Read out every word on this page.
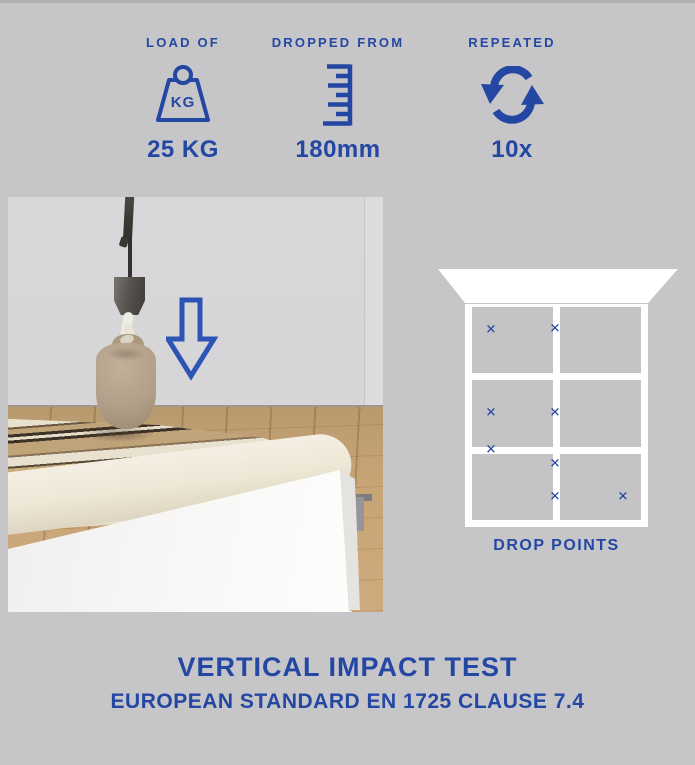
LOAD OF
KG
25 KG
DROPPED FROM
180mm
REPEATED
10x
✕	✕
✕	✕
✕
✕
✕	✕
DROP POINTS
VERTICAL IMPACT TEST
EUROPEAN STANDARD EN 1725 CLAUSE 7.4
